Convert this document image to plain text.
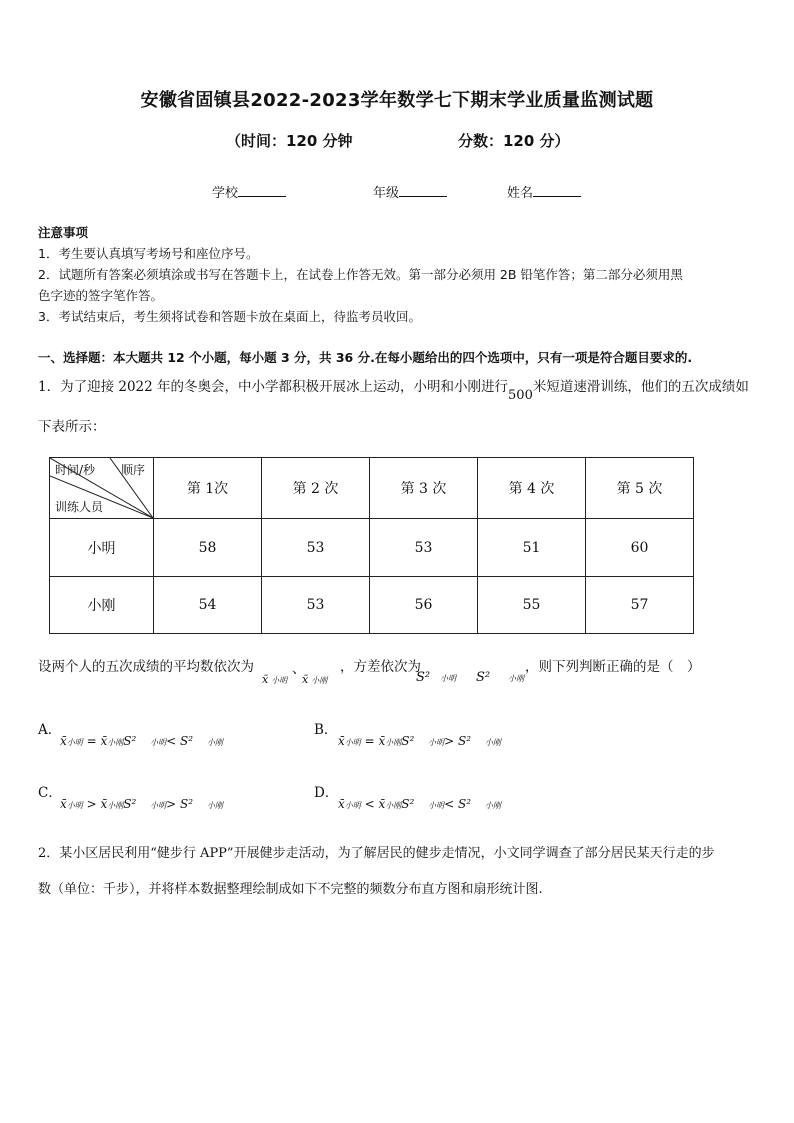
安徽省固镇县2022-2023学年数学七下期末学业质量监测试题
（时间：120 分钟	分数：120 分）
学校	年级	姓名
注意事项
1．考生要认真填写考场号和座位序号。
2．试题所有答案必须填涂或书写在答题卡上，在试卷上作答无效。第一部分必须用 2B 铅笔作答；第二部分必须用黑
色字迹的签字笔作答。
3．考试结束后，考生须将试卷和答题卡放在桌面上，待监考员收回。
一、选择题：本大题共 12 个小题，每小题 3 分，共 36 分.在每小题给出的四个选项中，只有一项是符合题目要求的.
1．为了迎接 2022 年的冬奥会，中小学都积极开展冰上运动，小明和小刚进行500米短道速滑训练，他们的五次成绩如
下表所示：
时间/秒 顺序
训练人员	第 1次	第 2 次	第 3 次	第 4 次	第 5 次
小明	58	53	53	51	60
小刚	54	53	56	55	57
设两个人的五次成绩的平均数依次为	、	，方差依次为	，则下列判断正确的是（　）
x̄ 小明 x̄ 小刚	S² 小明 S² 小刚
A．
x̄小明 = x̄小刚S² 小明< S² 小刚
B．
x̄小明 = x̄小刚S² 小明> S² 小刚
C．
x̄小明 > x̄小刚S² 小明> S² 小刚
D．
x̄小明 < x̄小刚S² 小明< S² 小刚
2．某小区居民利用“健步行 APP”开展健步走活动，为了解居民的健步走情况，小文同学调查了部分居民某天行走的步
数（单位：千步），并将样本数据整理绘制成如下不完整的频数分布直方图和扇形统计图.
